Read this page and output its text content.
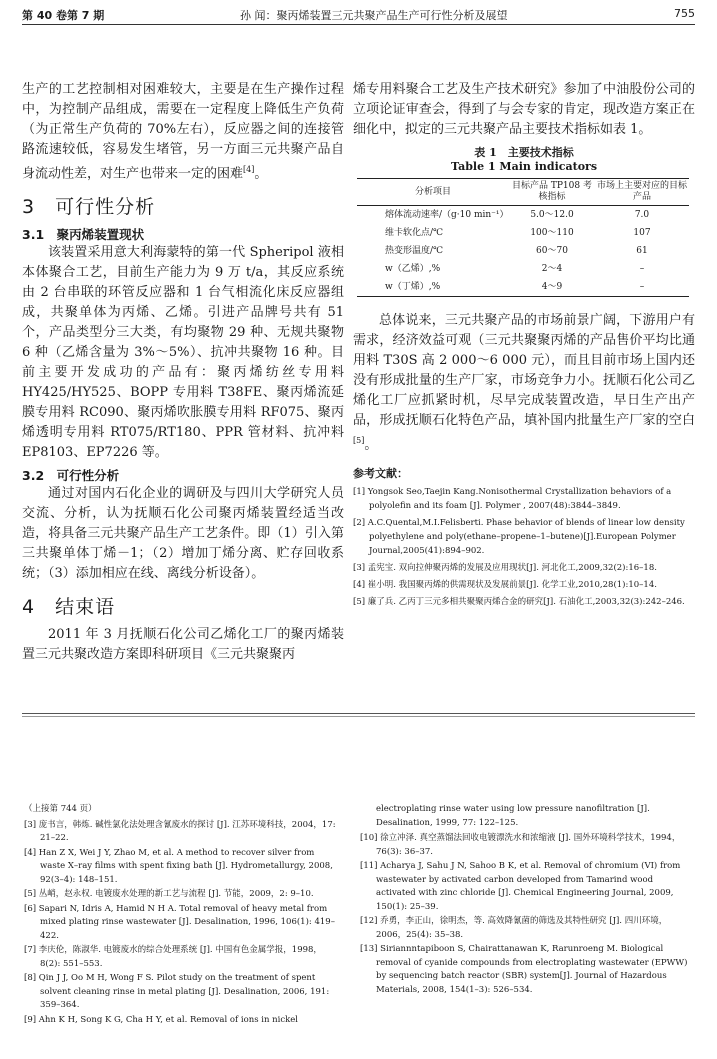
第 40 卷第 7 期	孙 闻：聚丙烯装置三元共聚产品生产可行性分析及展望	755

生产的工艺控制相对困难较大，主要是在生产操作过程中，为控制产品组成，需要在一定程度上降低生产负荷（为正常生产负荷的 70%左右），反应器之间的连接管路流速较低，容易发生堵管，另一方面三元共聚产品自身流动性差，对生产也带来一定的困难[4]。

3　可行性分析
3.1　聚丙烯装置现状

该装置采用意大利海蒙特的第一代 Spheripol 液相本体聚合工艺，目前生产能力为 9 万 t/a，其反应系统由 2 台串联的环管反应器和 1 台气相流化床反应器组成，共聚单体为丙烯、乙烯。引进产品牌号共有 51 个，产品类型分三大类，有均聚物 29 种、无规共聚物 6 种（乙烯含量为 3%～5%）、抗冲共聚物 16 种。目前主要开发成功的产品有：聚丙烯纺丝专用料 HY425/HY525、BOPP 专用料 T38FE、聚丙烯流延膜专用料 RC090、聚丙烯吹胀膜专用料 RF075、聚丙烯透明专用料 RT075/RT180、PPR 管材料、抗冲料 EP8103、EP7226 等。

3.2　可行性分析

通过对国内石化企业的调研及与四川大学研究人员交流、分析，认为抚顺石化公司聚丙烯装置经适当改造，将具备三元共聚产品生产工艺条件。即（1）引入第三共聚单体丁烯－1；（2）增加丁烯分离、贮存回收系统；（3）添加相应在线、离线分析设备）。

4　结束语

2011 年 3 月抚顺石化公司乙烯化工厂的聚丙烯装置三元共聚改造方案即科研项目《三元共聚聚丙

烯专用料聚合工艺及生产技术研究》参加了中油股份公司的立项论证审查会，得到了与会专家的肯定，现改造方案正在细化中，拟定的三元共聚产品主要技术指标如表 1。

表 1　主要技术指标
Table 1 Main indicators
分析项目	目标产品 TP108 考核指标	市场上主要对应的目标产品
熔体流动速率/（g·10 min⁻¹）	5.0～12.0	7.0
维卡软化点/℃	100～110	107
热变形温度/℃	60～70	61
w（乙烯）,%	2～4	–
w（丁烯）,%	4～9	–

总体说来，三元共聚产品的市场前景广阔，下游用户有需求，经济效益可观（三元共聚聚丙烯的产品售价平均比通用料 T30S 高 2 000～6 000 元），而且目前市场上国内还没有形成批量的生产厂家，市场竞争力小。抚顺石化公司乙烯化工厂应抓紧时机，尽早完成装置改造，早日生产出产品，形成抚顺石化特色产品，填补国内批量生产厂家的空白[5]。

参考文献：

[1] Yongsok Seo,Taejin Kang.Nonisothermal Crystallization behaviors of a polyolefin and its foam [J]. Polymer , 2007(48):3844–3849.

[2] A.C.Quental,M.I.Felisberti. Phase behavior of blends of linear low density polyethylene and poly(ethane–propene–1–butene)[J].European Polymer Journal,2005(41):894–902.

[3] 孟宪宝. 双向拉伸聚丙烯的发展及应用现状[J]. 河北化工,2009,32(2):16–18.

[4] 崔小明. 我国聚丙烯的供需现状及发展前景[J]. 化学工业,2010,28(1):10–14.

[5] 廉了兵. 乙丙丁三元多相共聚聚丙烯合金的研究[J]. 石油化工,2003,32(3):242–246.

（上接第 744 页）

[3] 庞书言，韩炼. 碱性氯化法处理含氰废水的探讨 [J]. 江苏环境科技，2004，17: 21–22.

[4] Han Z X, Wei J Y, Zhao M, et al. A method to recover silver from waste X–ray films with spent fixing bath [J]. Hydrometallurgy, 2008, 92(3–4): 148–151.

[5] 丛峭，赵永权. 电镀废水处理的新工艺与流程 [J]. 节能，2009，2: 9–10.

[6] Sapari N, Idris A, Hamid N H A. Total removal of heavy metal from mixed plating rinse wastewater [J]. Desalination, 1996, 106(1): 419–422.

[7] 李庆伦，陈淑华. 电镀废水的综合处理系统 [J]. 中国有色金属学报，1998，8(2): 551–553.

[8] Qin J J, Oo M H, Wong F S. Pilot study on the treatment of spent solvent cleaning rinse in metal plating [J]. Desalination, 2006, 191: 359–364.

[9] Ahn K H, Song K G, Cha H Y, et al. Removal of ions in nickel

electroplating rinse water using low pressure nanofiltration [J]. Desalination, 1999, 77: 122–125.

[10] 徐立冲泽. 真空蒸馏法回收电镀漂洗水和浓缩液 [J]. 国外环境科学技术，1994，76(3): 36–37.

[11] Acharya J, Sahu J N, Sahoo B K, et al. Removal of chromium (VI) from wastewater by activated carbon developed from Tamarind wood activated with zinc chloride [J]. Chemical Engineering Journal, 2009, 150(1): 25–39.

[12] 乔勇，李正山，徐明杰，等. 高效降氰菌的筛选及其特性研究 [J]. 四川环境，2006，25(4): 35–38.

[13] Siriannntapiboon S, Chairattanawan K, Rarunroeng M. Biological removal of cyanide compounds from electroplating wastewater (EPWW) by sequencing batch reactor (SBR) system[J]. Journal of Hazardous Materials, 2008, 154(1–3): 526–534.
